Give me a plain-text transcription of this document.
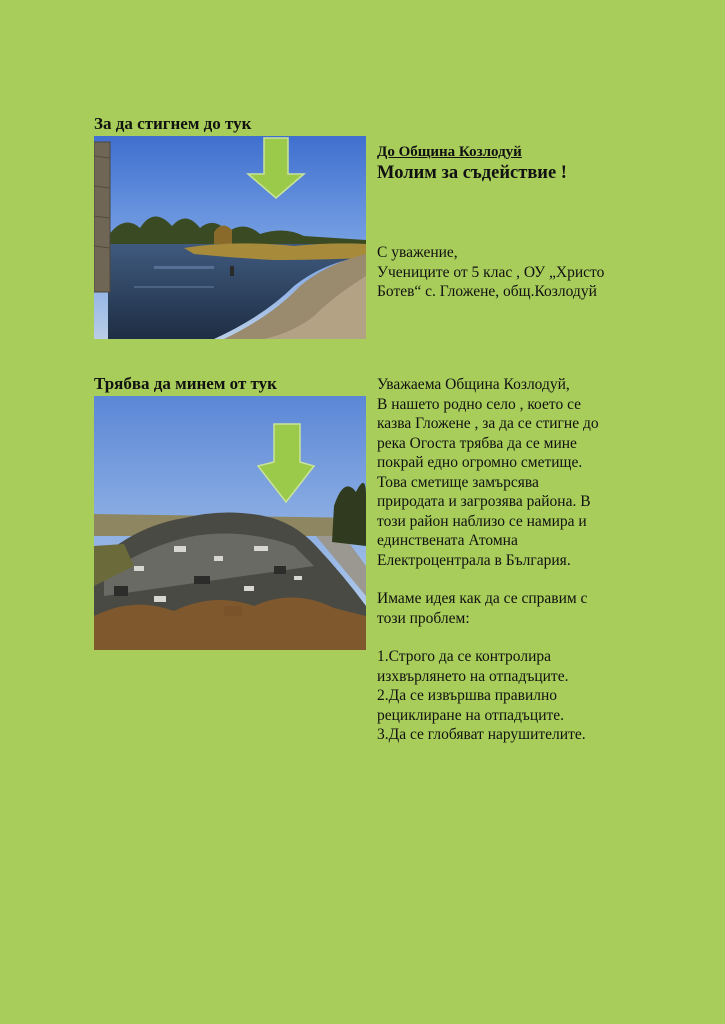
За да стигнем до тук
До Община Козлодуй
Молим за съдействие !
С уважение,
Учениците от 5 клас , ОУ „Христо
Ботев“ с. Гложене, общ.Козлодуй
Трябва да минем от тук	Уважаема Община Козлодуй,
В нашето родно село , което се
казва Гложене , за да се стигне до
река Огоста трябва да се мине
покрай едно огромно сметище.
Това сметище замърсява
природата и загрозява района. В
този район наблизо се намира и
единствената Атомна
Електроцентрала в България.
Имаме идея как да се справим с
този проблем:
1.Строго да се контролира
изхвърлянето на отпадъците.
2.Да се извършва правилно
рециклиране на отпадъците.
3.Да се глобяват нарушителите.
